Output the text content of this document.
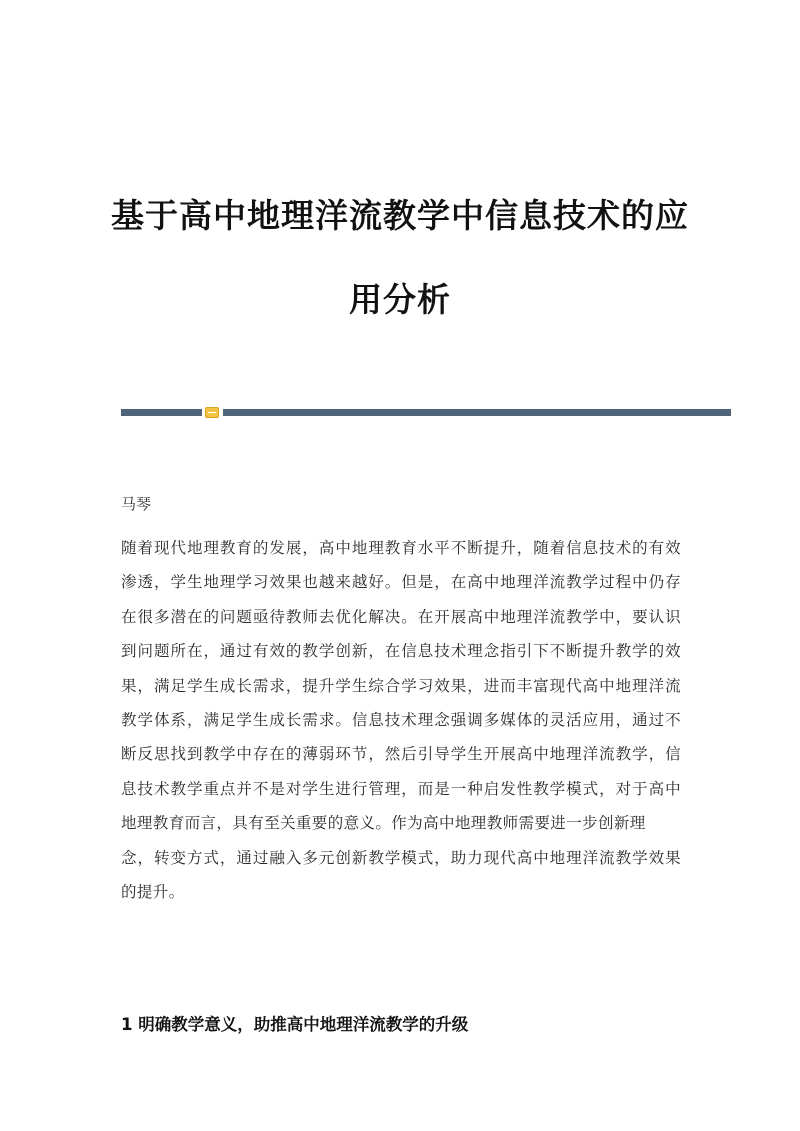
基于高中地理洋流教学中信息技术的应
用分析

马琴

随着现代地理教育的发展，高中地理教育水平不断提升，随着信息技术的有效
渗透，学生地理学习效果也越来越好。但是，在高中地理洋流教学过程中仍存
在很多潜在的问题亟待教师去优化解决。在开展高中地理洋流教学中，要认识
到问题所在，通过有效的教学创新，在信息技术理念指引下不断提升教学的效
果，满足学生成长需求，提升学生综合学习效果，进而丰富现代高中地理洋流
教学体系，满足学生成长需求。信息技术理念强调多媒体的灵活应用，通过不
断反思找到教学中存在的薄弱环节，然后引导学生开展高中地理洋流教学，信
息技术教学重点并不是对学生进行管理，而是一种启发性教学模式，对于高中
地理教育而言，具有至关重要的意义。作为高中地理教师需要进一步创新理
念，转变方式，通过融入多元创新教学模式，助力现代高中地理洋流教学效果
的提升。
1 明确教学意义，助推高中地理洋流教学的升级
